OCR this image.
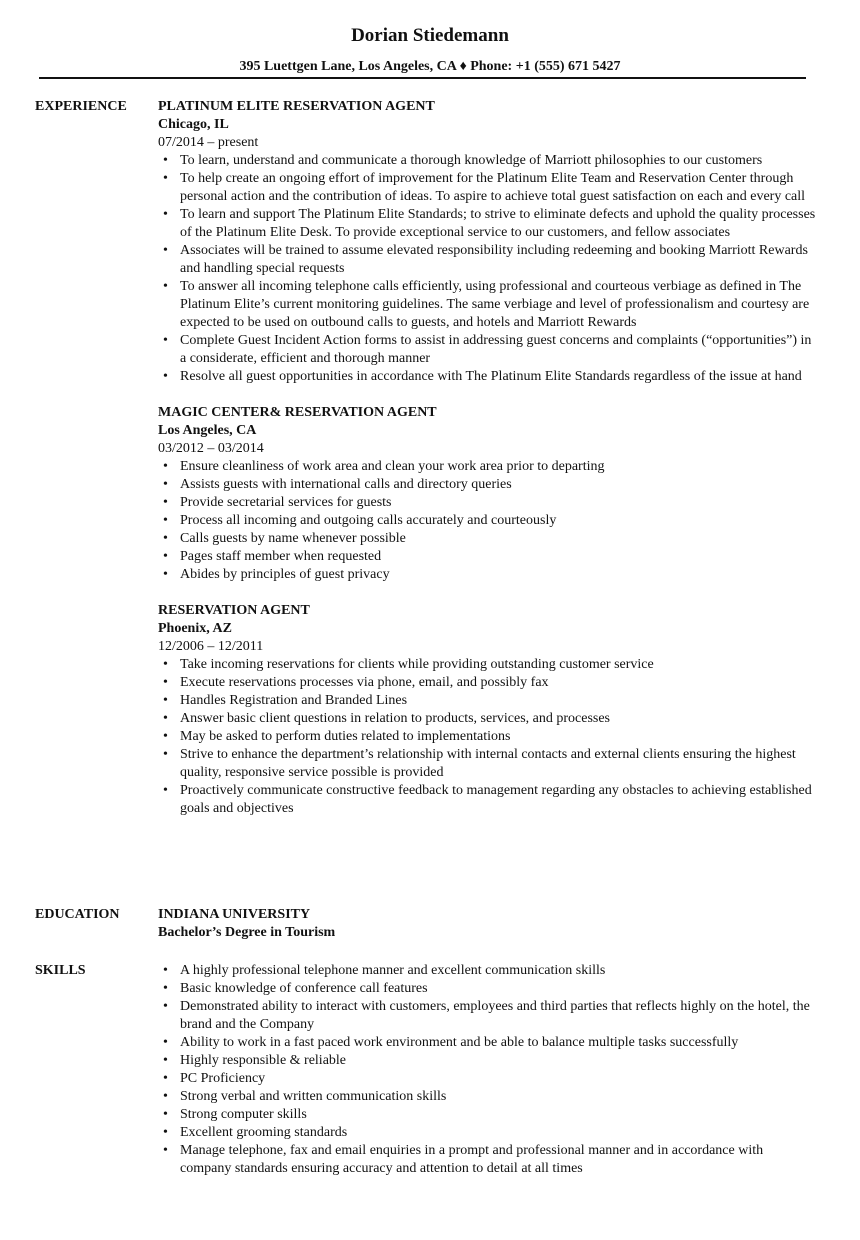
Dorian Stiedemann
395 Luettgen Lane, Los Angeles, CA ♦ Phone: +1 (555) 671 5427
EXPERIENCE PLATINUM ELITE RESERVATION AGENT
Chicago, IL
07/2014 – present
• To learn, understand and communicate a thorough knowledge of Marriott philosophies to our customers
• To help create an ongoing effort of improvement for the Platinum Elite Team and Reservation Center through personal action and the contribution of ideas. To aspire to achieve total guest satisfaction on each and every call
• To learn and support The Platinum Elite Standards; to strive to eliminate defects and uphold the quality processes of the Platinum Elite Desk. To provide exceptional service to our customers, and fellow associates
• Associates will be trained to assume elevated responsibility including redeeming and booking Marriott Rewards and handling special requests
• To answer all incoming telephone calls efficiently, using professional and courteous verbiage as defined in The Platinum Elite’s current monitoring guidelines. The same verbiage and level of professionalism and courtesy are expected to be used on outbound calls to guests, and hotels and Marriott Rewards
• Complete Guest Incident Action forms to assist in addressing guest concerns and complaints (“opportunities”) in a considerate, efficient and thorough manner
• Resolve all guest opportunities in accordance with The Platinum Elite Standards regardless of the issue at hand
MAGIC CENTER& RESERVATION AGENT
Los Angeles, CA
03/2012 – 03/2014
• Ensure cleanliness of work area and clean your work area prior to departing
• Assists guests with international calls and directory queries
• Provide secretarial services for guests
• Process all incoming and outgoing calls accurately and courteously
• Calls guests by name whenever possible
• Pages staff member when requested
• Abides by principles of guest privacy
RESERVATION AGENT
Phoenix, AZ
12/2006 – 12/2011
• Take incoming reservations for clients while providing outstanding customer service
• Execute reservations processes via phone, email, and possibly fax
• Handles Registration and Branded Lines
• Answer basic client questions in relation to products, services, and processes
• May be asked to perform duties related to implementations
• Strive to enhance the department’s relationship with internal contacts and external clients ensuring the highest quality, responsive service possible is provided
• Proactively communicate constructive feedback to management regarding any obstacles to achieving established goals and objectives
EDUCATION	INDIANA UNIVERSITY
Bachelor’s Degree in Tourism
SKILLS
•	A highly professional telephone manner and excellent communication skills
• Basic knowledge of conference call features
• Demonstrated ability to interact with customers, employees and third parties that reflects highly on the hotel, the brand and the Company
• Ability to work in a fast paced work environment and be able to balance multiple tasks successfully
• Highly responsible & reliable
• PC Proficiency
• Strong verbal and written communication skills
• Strong computer skills
• Excellent grooming standards
• Manage telephone, fax and email enquiries in a prompt and professional manner and in accordance with company standards ensuring accuracy and attention to detail at all times
